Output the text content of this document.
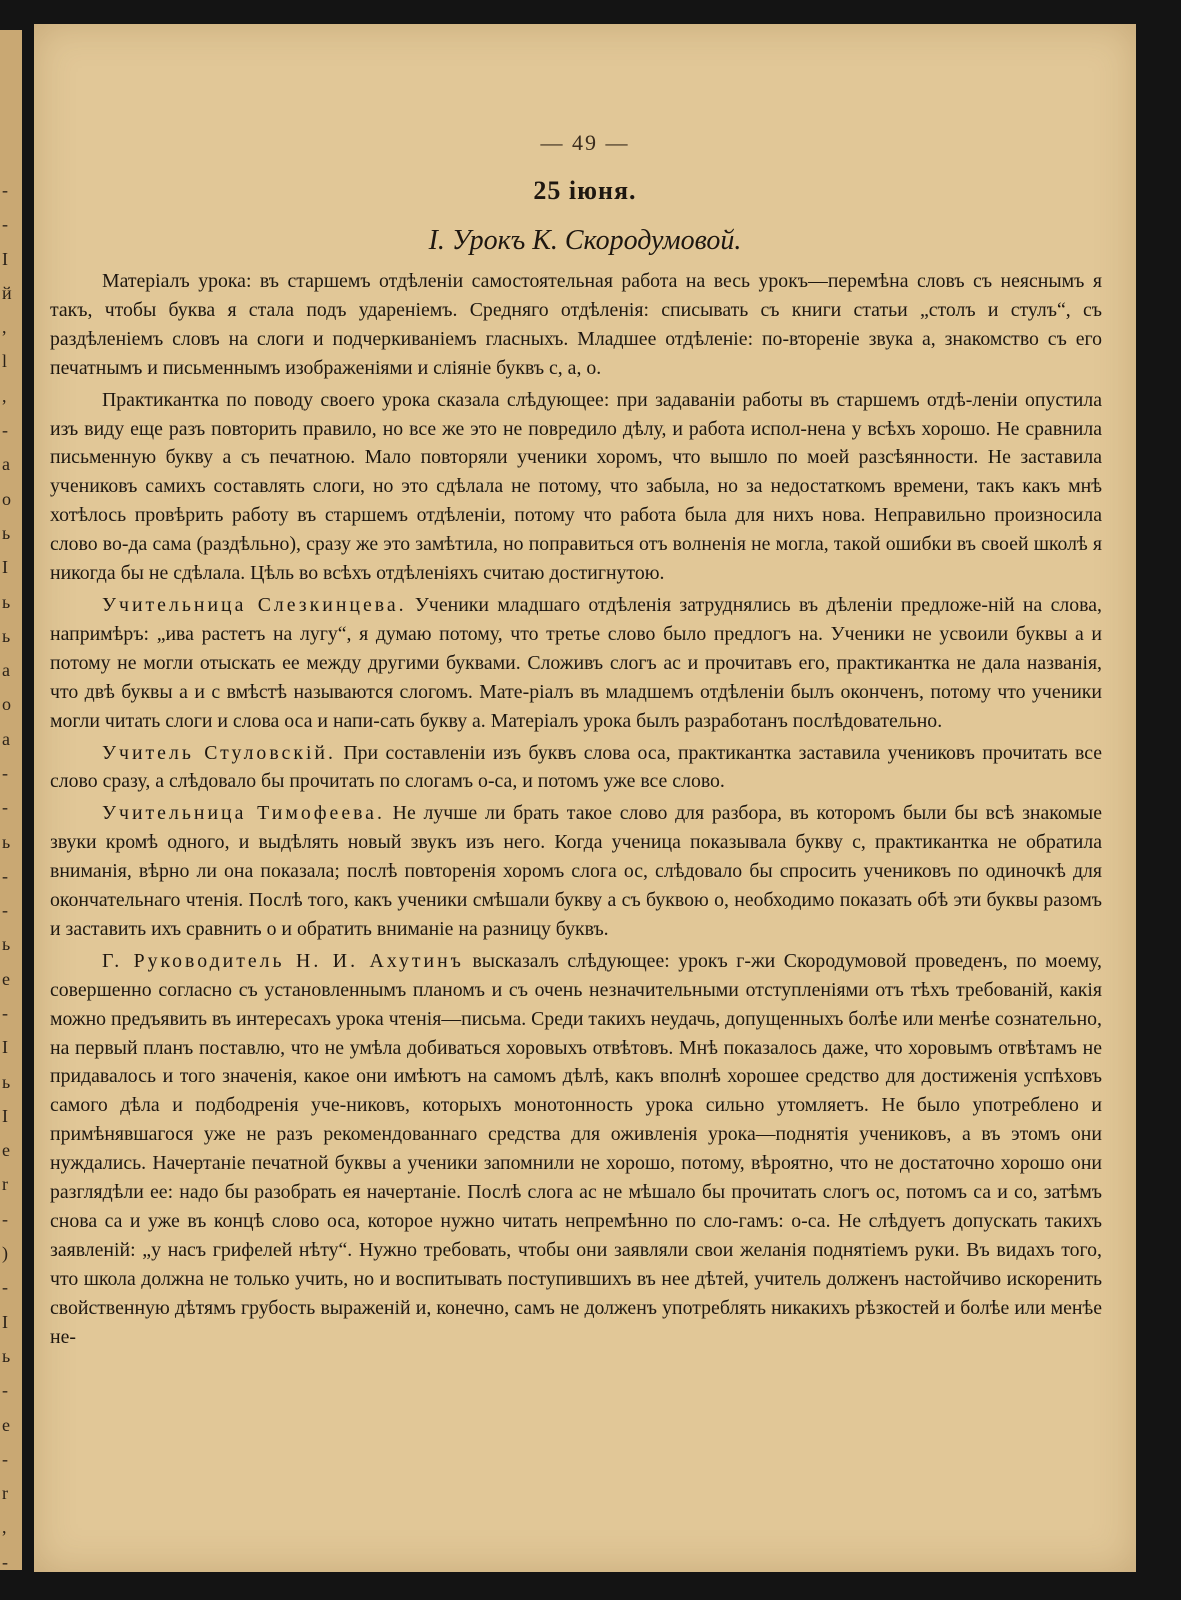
-
-
I
й
,
l
,
-
a
o
ь
I
ь
ь
a
o
a
-
-
ь
-
-
ь
e
-
I
ь
I
e
r
-
)
-
I
ь
-
e
-
r
,
-
— 49 —
25 іюня.
І. Урокъ К. Скородумовой.

Матеріалъ урока: въ старшемъ отдѣленіи самостоятельная работа на весь урокъ—перемѣна словъ съ неяснымъ я такъ, чтобы буква я стала подъ удареніемъ. Средняго отдѣленія: списывать съ книги статьи „столъ и стулъ“, съ раздѣленіемъ словъ на слоги и подчеркиваніемъ гласныхъ. Младшее отдѣленіе: по-втореніе звука а, знакомство съ его печатнымъ и письменнымъ изображеніями и сліяніе буквъ с, а, о.

Практикантка по поводу своего урока сказала слѣдующее: при задаваніи работы въ старшемъ отдѣ-леніи опустила изъ виду еще разъ повторить правило, но все же это не повредило дѣлу, и работа испол-нена у всѣхъ хорошо. Не сравнила письменную букву а съ печатною. Мало повторяли ученики хоромъ, что вышло по моей разсѣянности. Не заставила учениковъ самихъ составлять слоги, но это сдѣлала не потому, что забыла, но за недостаткомъ времени, такъ какъ мнѣ хотѣлось провѣрить работу въ старшемъ отдѣленіи, потому что работа была для нихъ нова. Неправильно произносила слово во-да сама (раздѣльно), сразу же это замѣтила, но поправиться отъ волненія не могла, такой ошибки въ своей школѣ я никогда бы не сдѣлала. Цѣль во всѣхъ отдѣленіяхъ считаю достигнутою.

Учительница Слезкинцева. Ученики младшаго отдѣленія затруднялись въ дѣленіи предложе-ній на слова, напримѣръ: „ива растетъ на лугу“, я думаю потому, что третье слово было предлогъ на. Ученики не усвоили буквы а и потому не могли отыскать ее между другими буквами. Сложивъ слогъ ас и прочитавъ его, практикантка не дала названія, что двѣ буквы а и с вмѣстѣ называются слогомъ. Мате-ріалъ въ младшемъ отдѣленіи былъ оконченъ, потому что ученики могли читать слоги и слова оса и напи-сать букву а. Матеріалъ урока былъ разработанъ послѣдовательно.

Учитель Стуловскій. При составленіи изъ буквъ слова оса, практикантка заставила учениковъ прочитать все слово сразу, а слѣдовало бы прочитать по слогамъ о-са, и потомъ уже все слово.

Учительница Тимофеева. Не лучше ли брать такое слово для разбора, въ которомъ были бы всѣ знакомые звуки кромѣ одного, и выдѣлять новый звукъ изъ него. Когда ученица показывала букву с, практикантка не обратила вниманія, вѣрно ли она показала; послѣ повторенія хоромъ слога ос, слѣдовало бы спросить учениковъ по одиночкѣ для окончательнаго чтенія. Послѣ того, какъ ученики смѣшали букву а съ буквою о, необходимо показать обѣ эти буквы разомъ и заставить ихъ сравнить о и обратить вниманіе на разницу буквъ.

Г. Руководитель Н. И. Ахутинъ высказалъ слѣдующее: урокъ г-жи Скородумовой проведенъ, по моему, совершенно согласно съ установленнымъ планомъ и съ очень незначительными отступленіями отъ тѣхъ требованій, какія можно предъявить въ интересахъ урока чтенія—письма. Среди такихъ неудачь, допущенныхъ болѣе или менѣе сознательно, на первый планъ поставлю, что не умѣла добиваться хоровыхъ отвѣтовъ. Мнѣ показалось даже, что хоровымъ отвѣтамъ не придавалось и того значенія, какое они имѣютъ на самомъ дѣлѣ, какъ вполнѣ хорошее средство для достиженія успѣховъ самого дѣла и подбодренія уче-никовъ, которыхъ монотонность урока сильно утомляетъ. Не было употреблено и примѣнявшагося уже не разъ рекомендованнаго средства для оживленія урока—поднятія учениковъ, а въ этомъ они нуждались. Начертаніе печатной буквы а ученики запомнили не хорошо, потому, вѣроятно, что не достаточно хорошо они разглядѣли ее: надо бы разобрать ея начертаніе. Послѣ слога ас не мѣшало бы прочитать слогъ ос, потомъ са и со, затѣмъ снова са и уже въ концѣ слово оса, которое нужно читать непремѣнно по сло-гамъ: о-са. Не слѣдуетъ допускать такихъ заявленій: „у насъ грифелей нѣту“. Нужно требовать, чтобы они заявляли свои желанія поднятіемъ руки. Въ видахъ того, что школа должна не только учить, но и воспитывать поступившихъ въ нее дѣтей, учитель долженъ настойчиво искоренить свойственную дѣтямъ грубость выраженій и, конечно, самъ не долженъ употреблять никакихъ рѣзкостей и болѣе или менѣе не-
